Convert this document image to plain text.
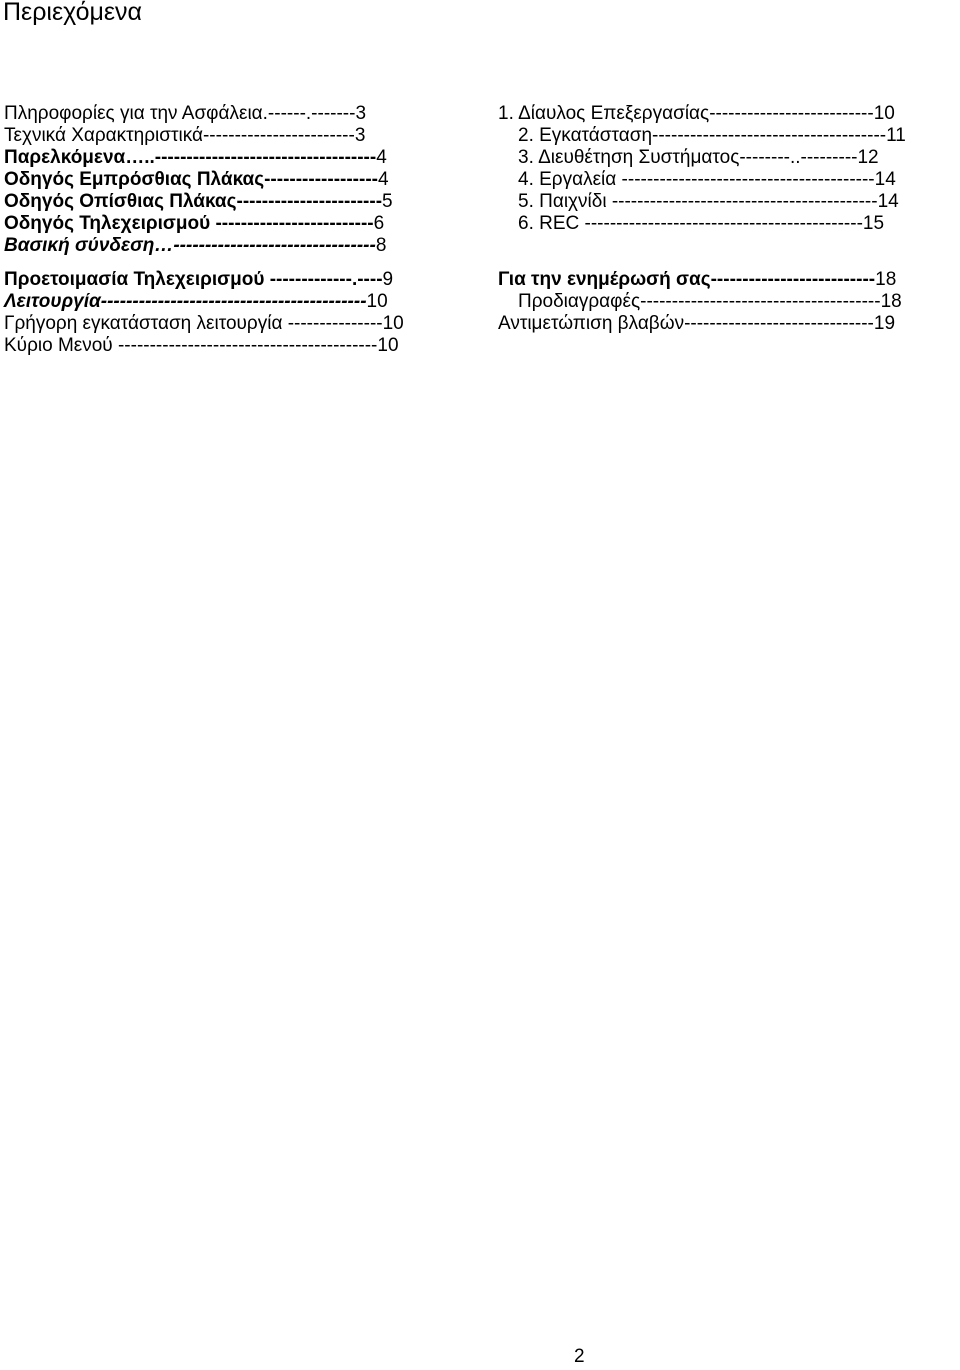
Περιεχόμενα
Πληροφορίες για την Ασφάλεια.------.------- 3
Τεχνικά Χαρακτηριστικά------------------------ 3
Παρελκόμενα…..----------------------------------- 4
Οδηγός Εμπρόσθιας Πλάκας------------------ 4
Οδηγός Οπίσθιας Πλάκας----------------------- 5
Οδηγός Τηλεχειρισμού ------------------------- 6
Βασική σύνδεση…-------------------------------- 8
Προετοιμασία Τηλεχειρισμού -------------.---- 9
Λειτουργία------------------------------------------ 10
Γρήγορη εγκατάσταση λειτουργία --------------- 10
Κύριο Μενού ----------------------------------------- 10
1. Δίαυλος Επεξεργασίας-------------------------- 10
2. Εγκατάσταση------------------------------------- 11
3. Διευθέτηση Συστήματος--------..--------- 12
4. Εργαλεία ---------------------------------------- 14
5. Παιχνίδι ------------------------------------------ 14
6. REC -------------------------------------------- 15
Για την ενημέρωσή σας-------------------------- 18
Προδιαγραφές-------------------------------------- 18
Αντιμετώπιση βλαβών------------------------------ 19
2
